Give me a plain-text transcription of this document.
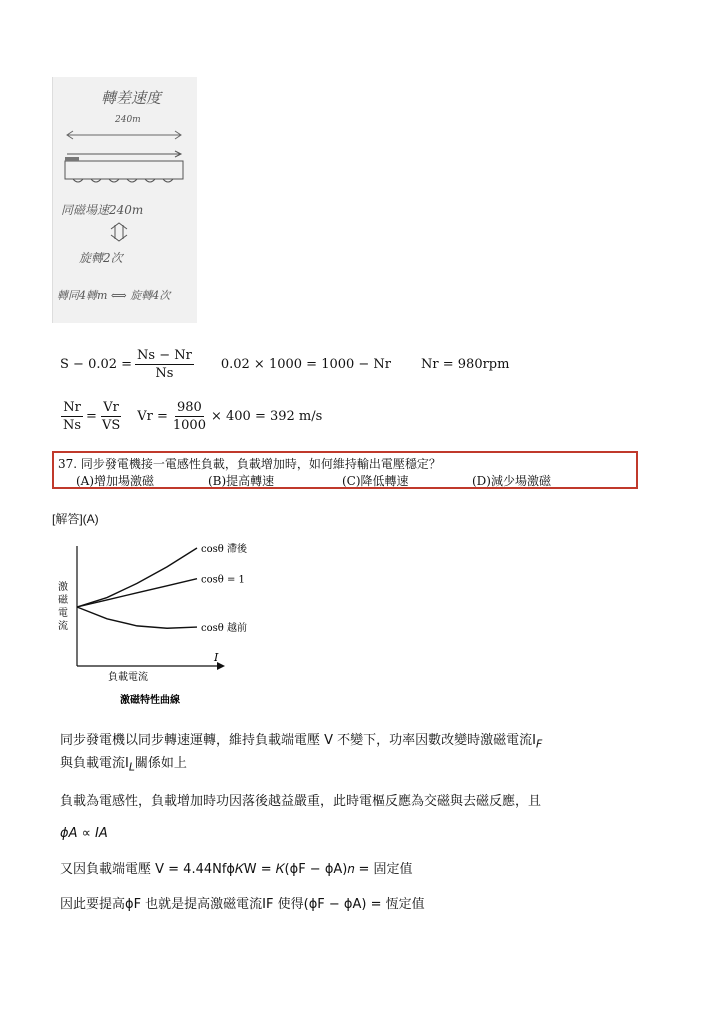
轉差速度
240m
同磁場速240m
旋轉2次
轉同4轉m ⟺ 旋轉4次
$S - 0.02 = \frac{Ns - Nr}{Ns} 0.02 \times 1000 = 1000 - Nr$ Nr = 980rpm
$\frac{Nr}{Ns} = \frac{Vr}{VS}$ $Vr = \frac{980}{1000} \times 400 = 392$ m/s
37. 同步發電機接一電感性負載，負載增加時，如何維持輸出電壓穩定？
(A)增加場激磁	(B)提高轉速	(C)降低轉速	(D)減少場激磁
[解答](A)
cosθ 滯後
cosθ = 1
cosθ 越前
激磁電流
負載電流
I
激磁特性曲線
同步發電機以同步轉速運轉，維持負載端電壓 V 不變下，功率因數改變時激磁電流$I_F$
與負載電流$I_L$關係如上
負載為電感性，負載增加時功因落後越益嚴重，此時電樞反應為交磁與去磁反應，且
ϕA ∝ IA
又因負載端電壓 V = 4.44Nfϕ𝐾W = 𝐾(ϕF − ϕA)𝑛 = 固定值
因此要提高ϕF 也就是提高激磁電流IF 使得(ϕF − ϕA) = 恆定值
